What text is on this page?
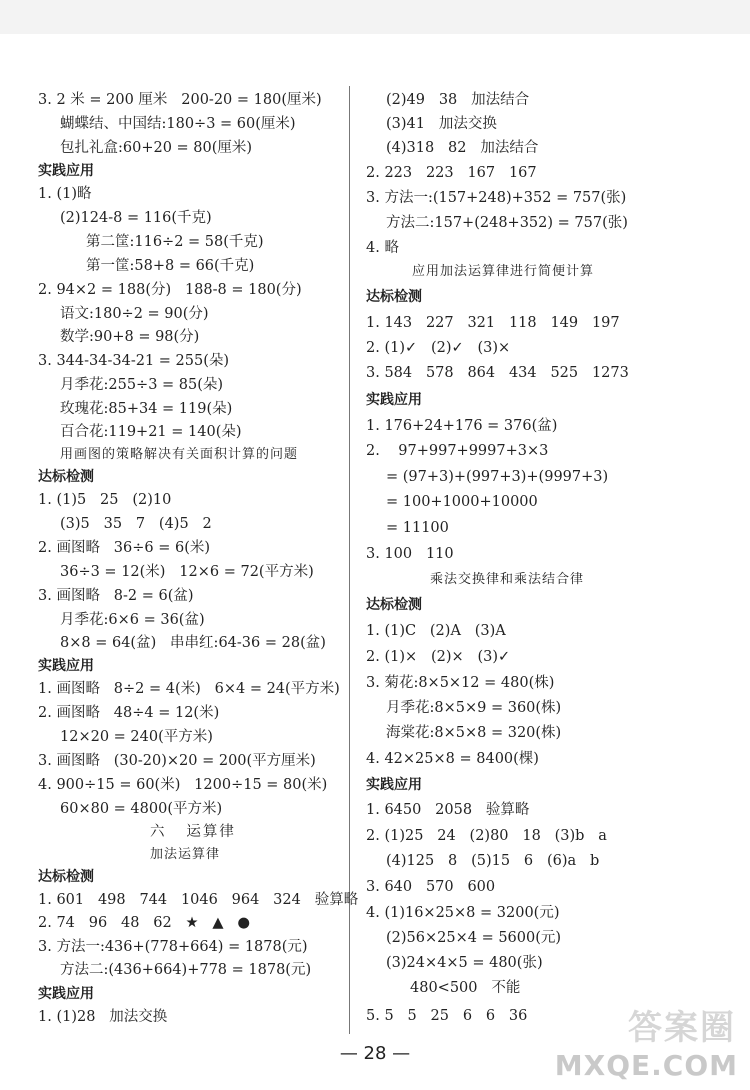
3. 2 米 = 200 厘米   200-20 = 180(厘米)
蝴蝶结、中国结:180÷3 = 60(厘米)
包扎礼盒:60+20 = 80(厘米)
实践应用
1. (1)略
(2)124-8 = 116(千克)
第二筐:116÷2 = 58(千克)
第一筐:58+8 = 66(千克)
2. 94×2 = 188(分)   188-8 = 180(分)
语文:180÷2 = 90(分)
数学:90+8 = 98(分)
3. 344-34-34-21 = 255(朵)
月季花:255÷3 = 85(朵)
玫瑰花:85+34 = 119(朵)
百合花:119+21 = 140(朵)
用画图的策略解决有关面积计算的问题
达标检测
1. (1)5   25   (2)10
(3)5   35   7   (4)5   2
2. 画图略   36÷6 = 6(米)
36÷3 = 12(米)   12×6 = 72(平方米)
3. 画图略   8-2 = 6(盆)
月季花:6×6 = 36(盆)
8×8 = 64(盆)   串串红:64-36 = 28(盆)
实践应用
1. 画图略   8÷2 = 4(米)   6×4 = 24(平方米)
2. 画图略   48÷4 = 12(米)
12×20 = 240(平方米)
3. 画图略   (30-20)×20 = 200(平方厘米)
4. 900÷15 = 60(米)   1200÷15 = 80(米)
60×80 = 4800(平方米)
六   运算律
加法运算律
达标检测
1. 601   498   744   1046   964   324   验算略
2. 74   96   48   62   ★   ▲   ●
3. 方法一:436+(778+664) = 1878(元)
方法二:(436+664)+778 = 1878(元)
实践应用
1. (1)28   加法交换
(2)49   38   加法结合
(3)41   加法交换
(4)318   82   加法结合
2. 223   223   167   167
3. 方法一:(157+248)+352 = 757(张)
方法二:157+(248+352) = 757(张)
4. 略
应用加法运算律进行简便计算
达标检测
1. 143   227   321   118   149   197
2. (1)✓   (2)✓   (3)×
3. 584   578   864   434   525   1273
实践应用
1. 176+24+176 = 376(盆)
2.    97+997+9997+3×3
= (97+3)+(997+3)+(9997+3)
= 100+1000+10000
= 11100
3. 100   110
乘法交换律和乘法结合律
达标检测
1. (1)C   (2)A   (3)A
2. (1)×   (2)×   (3)✓
3. 菊花:8×5×12 = 480(株)
月季花:8×5×9 = 360(株)
海棠花:8×5×8 = 320(株)
4. 42×25×8 = 8400(棵)
实践应用
1. 6450   2058   验算略
2. (1)25   24   (2)80   18   (3)b   a
(4)125   8   (5)15   6   (6)a   b
3. 640   570   600
4. (1)16×25×8 = 3200(元)
(2)56×25×4 = 5600(元)
(3)24×4×5 = 480(张)
480<500   不能
5. 5   5   25   6   6   36
— 28 —
答案圈
MXQE.COM
